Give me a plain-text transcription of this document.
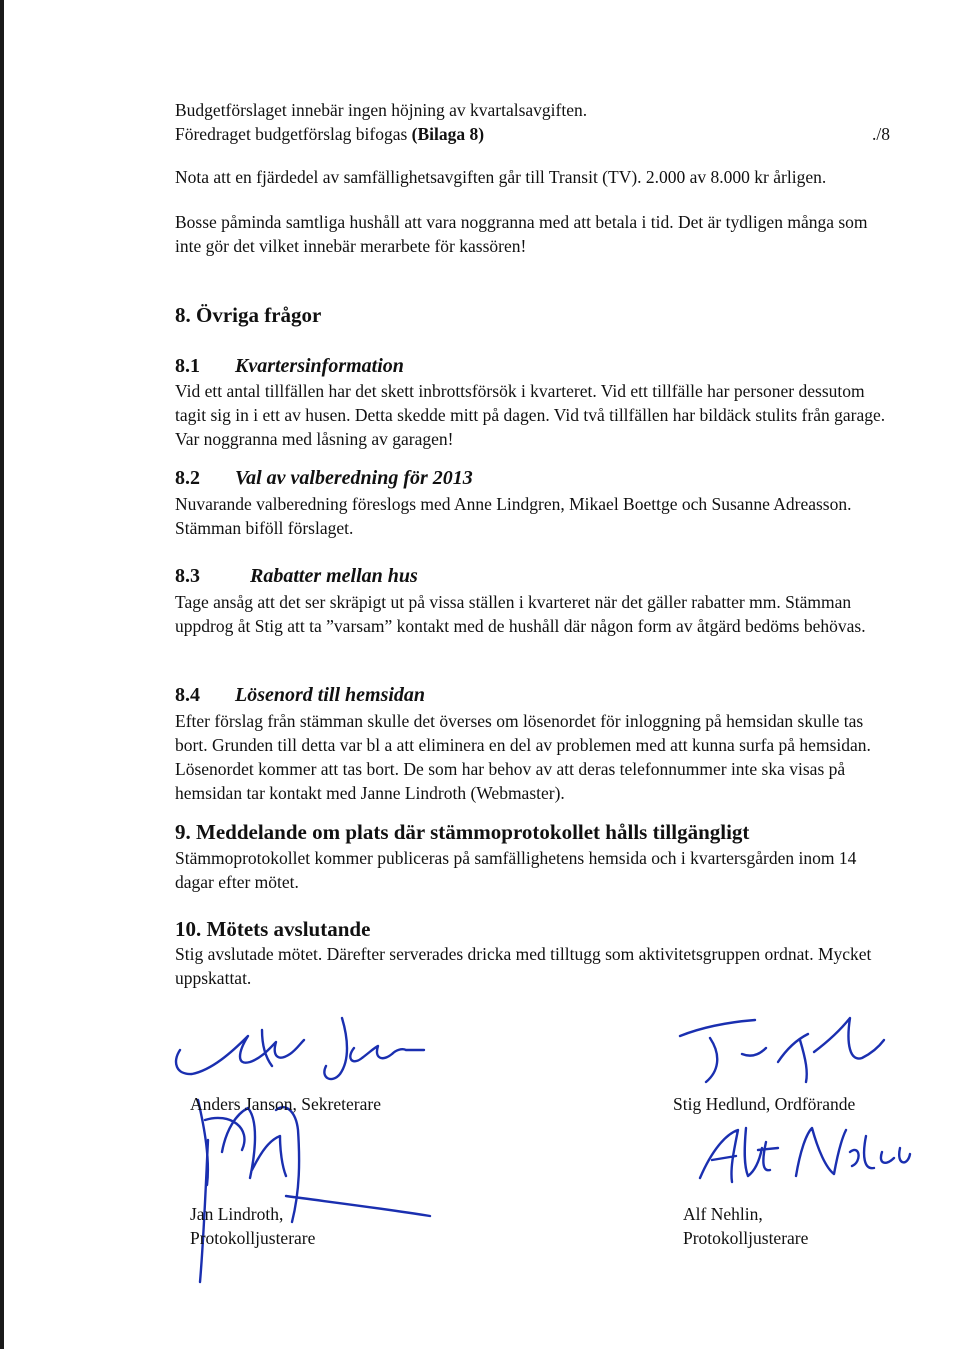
Budgetförslaget innebär ingen höjning av kvartalsavgiften.

Föredraget budgetförslag bifogas (Bilaga 8)	./8

Nota att en fjärdedel av samfällighetsavgiften går till Transit (TV). 2.000 av 8.000 kr årligen.

Bosse påminda samtliga hushåll att vara noggranna med att betala i tid. Det är tydligen många som inte gör det vilket innebär merarbete för kassören!

8. Övriga frågor
8.1 Kvartersinformation

Vid ett antal tillfällen har det skett inbrottsförsök i kvarteret. Vid ett tillfälle har personer dessutom tagit sig in i ett av husen. Detta skedde mitt på dagen. Vid två tillfällen har bildäck stulits från garage. Var noggranna med låsning av garagen!

8.2 Val av valberedning för 2013

Nuvarande valberedning föreslogs med Anne Lindgren, Mikael Boettge och Susanne Adreasson. Stämman biföll förslaget.

8.3	Rabatter mellan hus

Tage ansåg att det ser skräpigt ut på vissa ställen i kvarteret när det gäller rabatter mm. Stämman uppdrog åt Stig att ta ”varsam” kontakt med de hushåll där någon form av åtgärd bedöms behövas.

8.4 Lösenord till hemsidan

Efter förslag från stämman skulle det överses om lösenordet för inloggning på hemsidan skulle tas bort. Grunden till detta var bl a att eliminera en del av problemen med att kunna surfa på hemsidan. Lösenordet kommer att tas bort. De som har behov av att deras telefonnummer inte ska visas på hemsidan tar kontakt med Janne Lindroth (Webmaster).

9. Meddelande om plats där stämmoprotokollet hålls tillgängligt

Stämmoprotokollet kommer publiceras på samfällighetens hemsida och i kvartersgården inom 14 dagar efter mötet.

10. Mötets avslutande

Stig avslutade mötet. Därefter serverades dricka med tilltugg som aktivitetsgruppen ordnat. Mycket uppskattat.

Anders Janson, Sekreterare	Stig Hedlund, Ordförande

Jan Lindroth,

Protokolljusterare

Alf Nehlin,

Protokolljusterare
